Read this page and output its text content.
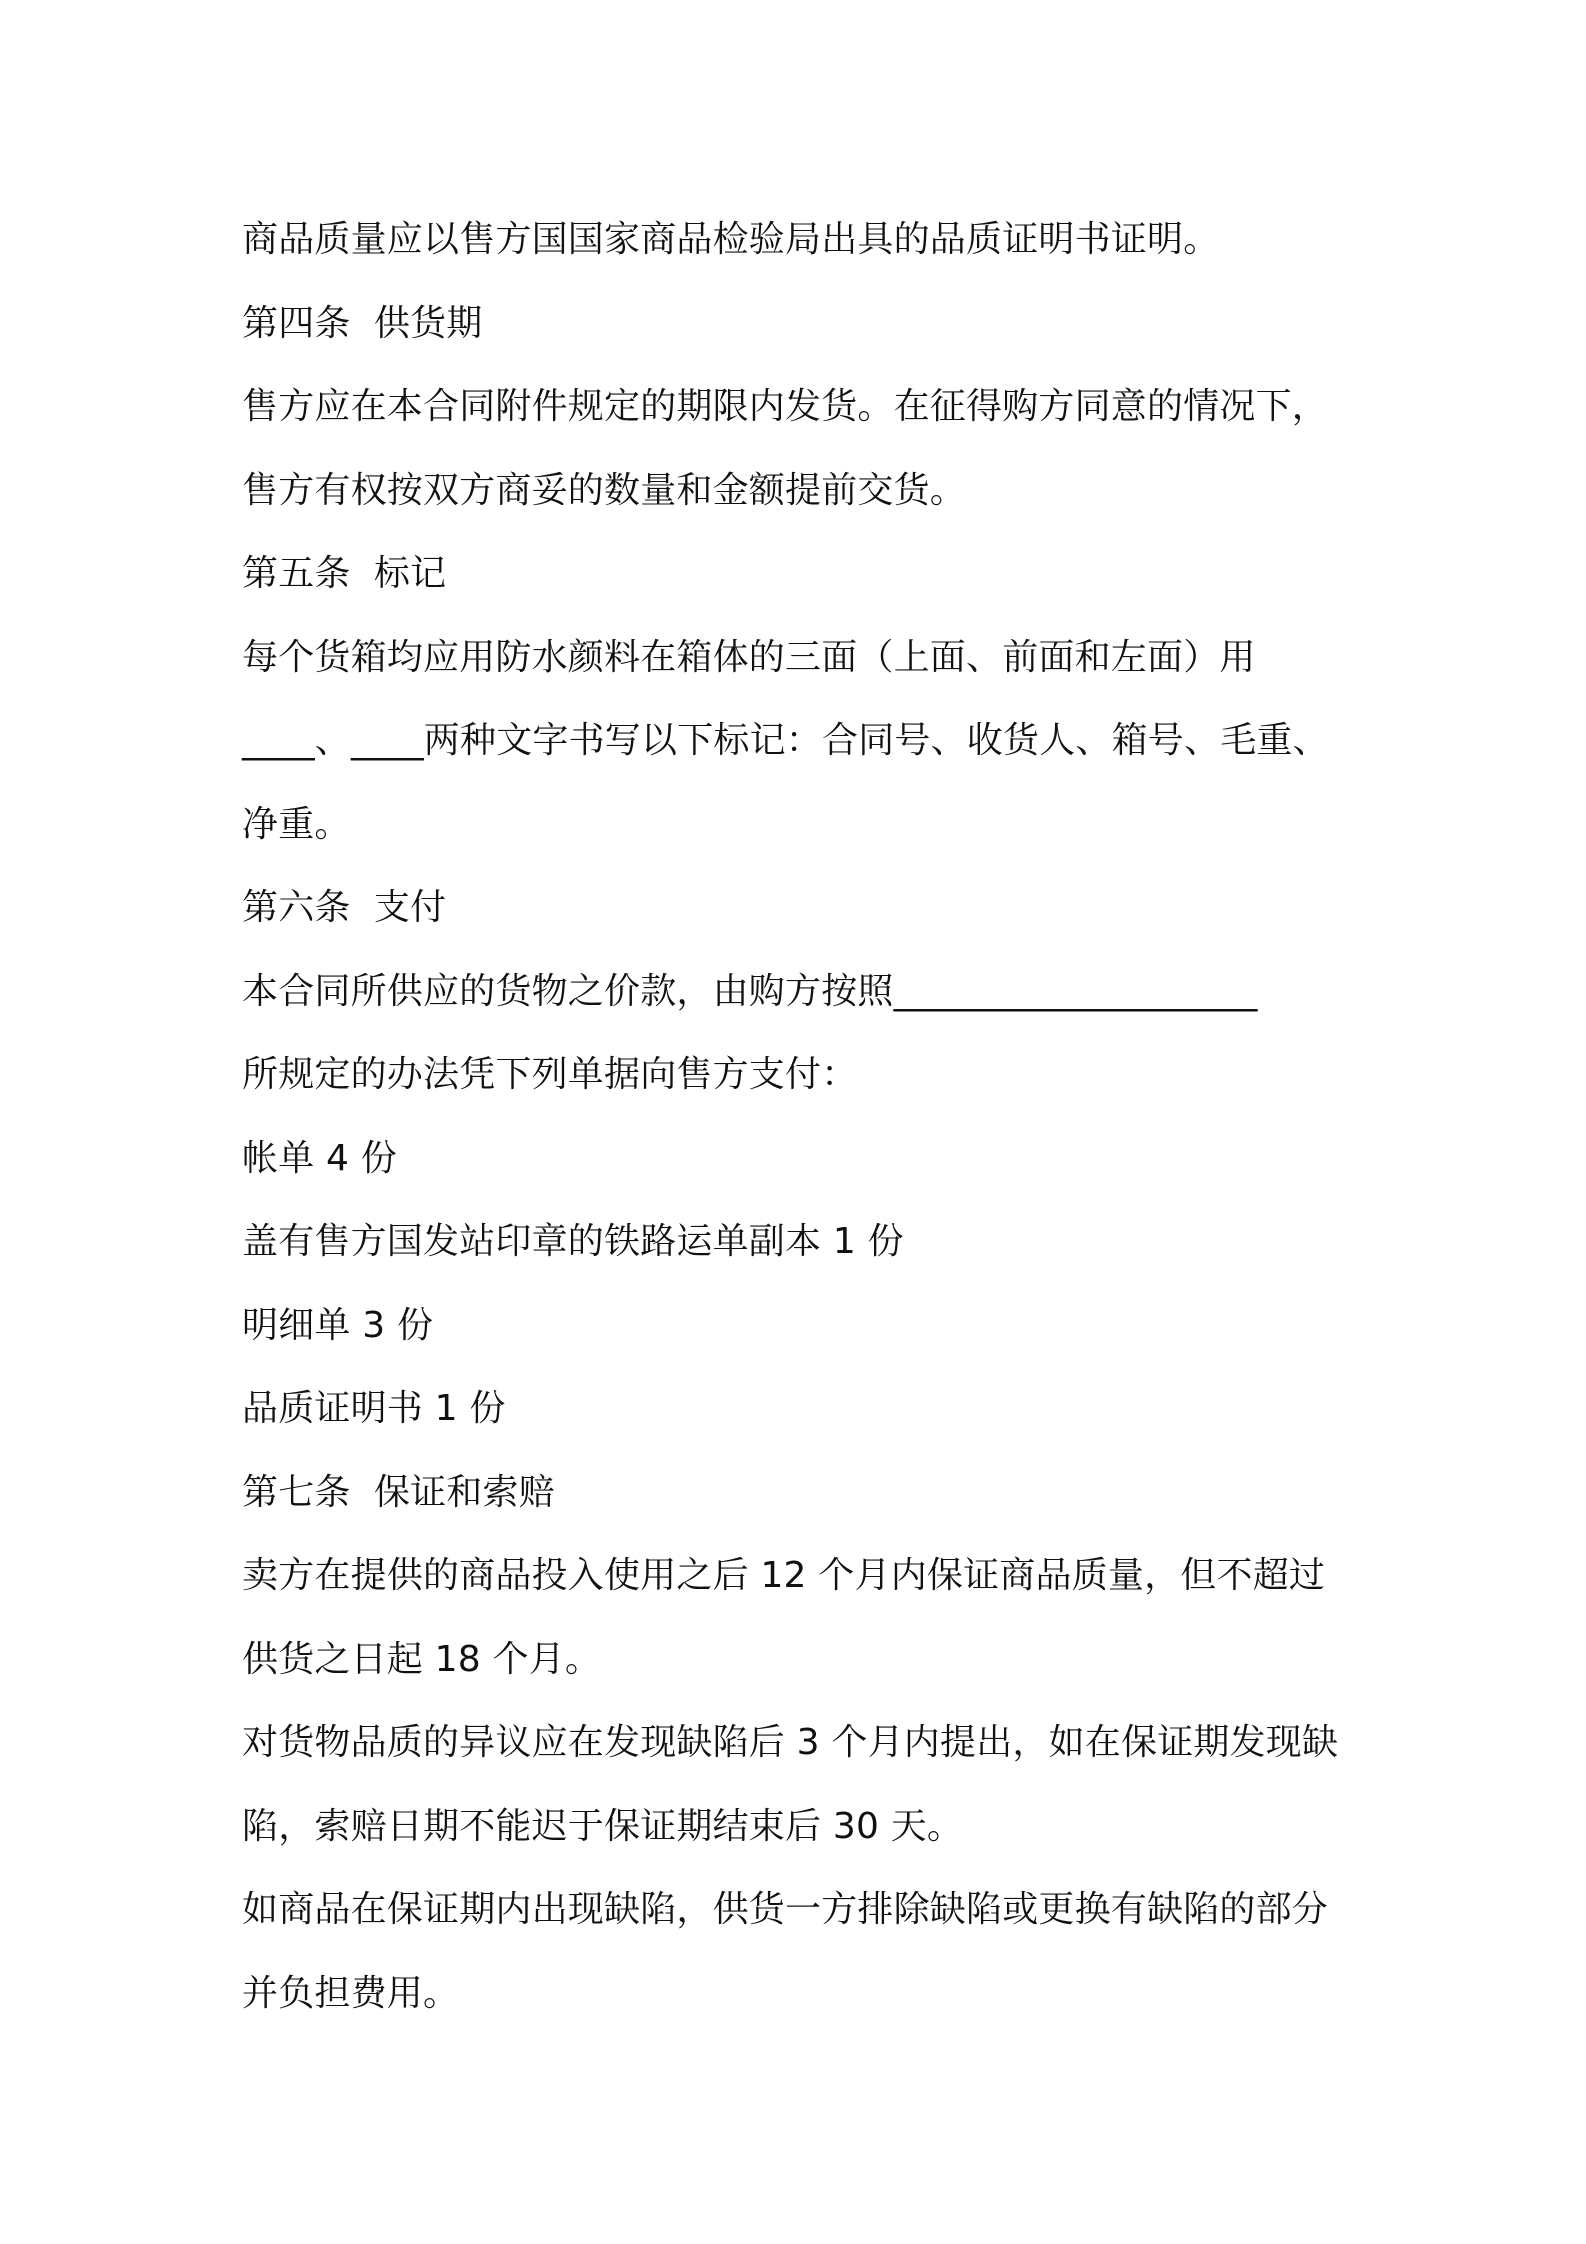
商品质量应以售方国国家商品检验局出具的品质证明书证明。
第四条  供货期
售方应在本合同附件规定的期限内发货。在征得购方同意的情况下，
售方有权按双方商妥的数量和金额提前交货。
第五条  标记
每个货箱均应用防水颜料在箱体的三面（上面、前面和左面）用
____、____两种文字书写以下标记：合同号、收货人、箱号、毛重、
净重。
第六条  支付
本合同所供应的货物之价款，由购方按照____________________
所规定的办法凭下列单据向售方支付：
帐单 4 份
盖有售方国发站印章的铁路运单副本 1 份
明细单 3 份
品质证明书 1 份
第七条  保证和索赔
卖方在提供的商品投入使用之后 12 个月内保证商品质量，但不超过
供货之日起 18 个月。
对货物品质的异议应在发现缺陷后 3 个月内提出，如在保证期发现缺
陷，索赔日期不能迟于保证期结束后 30 天。
如商品在保证期内出现缺陷，供货一方排除缺陷或更换有缺陷的部分
并负担费用。
